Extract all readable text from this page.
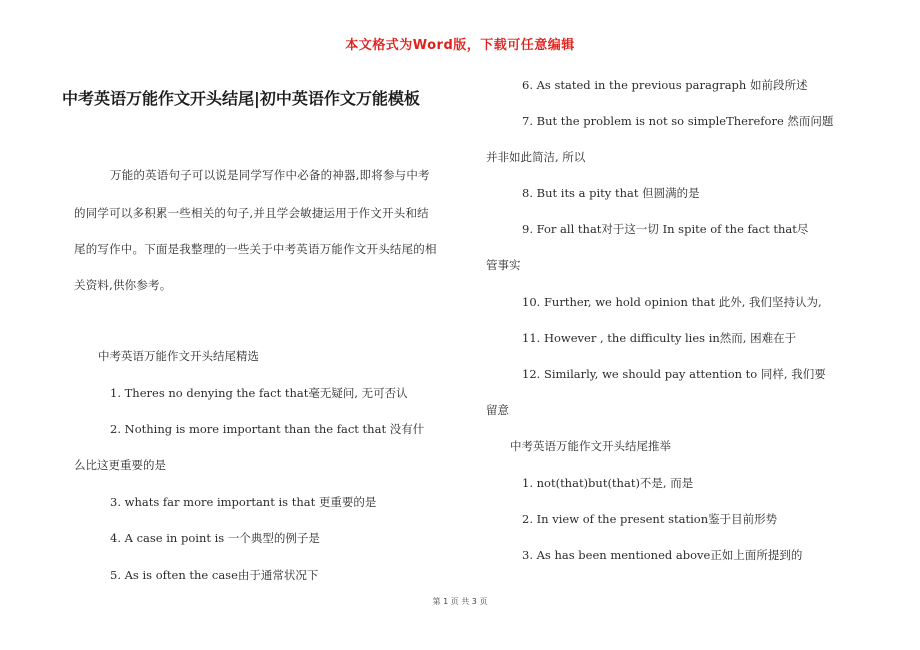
本文格式为Word版，下载可任意编辑
中考英语万能作文开头结尾|初中英语作文万能模板

万能的英语句子可以说是同学写作中必备的神器,即将参与中考

的同学可以多积累一些相关的句子,并且学会敏捷运用于作文开头和结

尾的写作中。下面是我整理的一些关于中考英语万能作文开头结尾的相

关资料,供你参考。

中考英语万能作文开头结尾精选
1. Theres no denying the fact that毫无疑问, 无可否认
2. Nothing is more important than the fact that 没有什
么比这更重要的是
3. whats far more important is that 更重要的是
4. A case in point is 一个典型的例子是
5. As is often the case由于通常状况下
6. As stated in the previous paragraph 如前段所述
7. But the problem is not so simpleTherefore 然而问题
并非如此简洁, 所以
8. But its a pity that 但圆满的是
9. For all that对于这一切 In spite of the fact that尽
管事实
10. Further, we hold opinion that 此外, 我们坚持认为,
11. However , the difficulty lies in然而, 困难在于
12. Similarly, we should pay attention to 同样, 我们要
留意
中考英语万能作文开头结尾推举
1. not(that)but(that)不是, 而是
2. In view of the present station鉴于目前形势
3. As has been mentioned above正如上面所提到的
第 1 页 共 3 页
